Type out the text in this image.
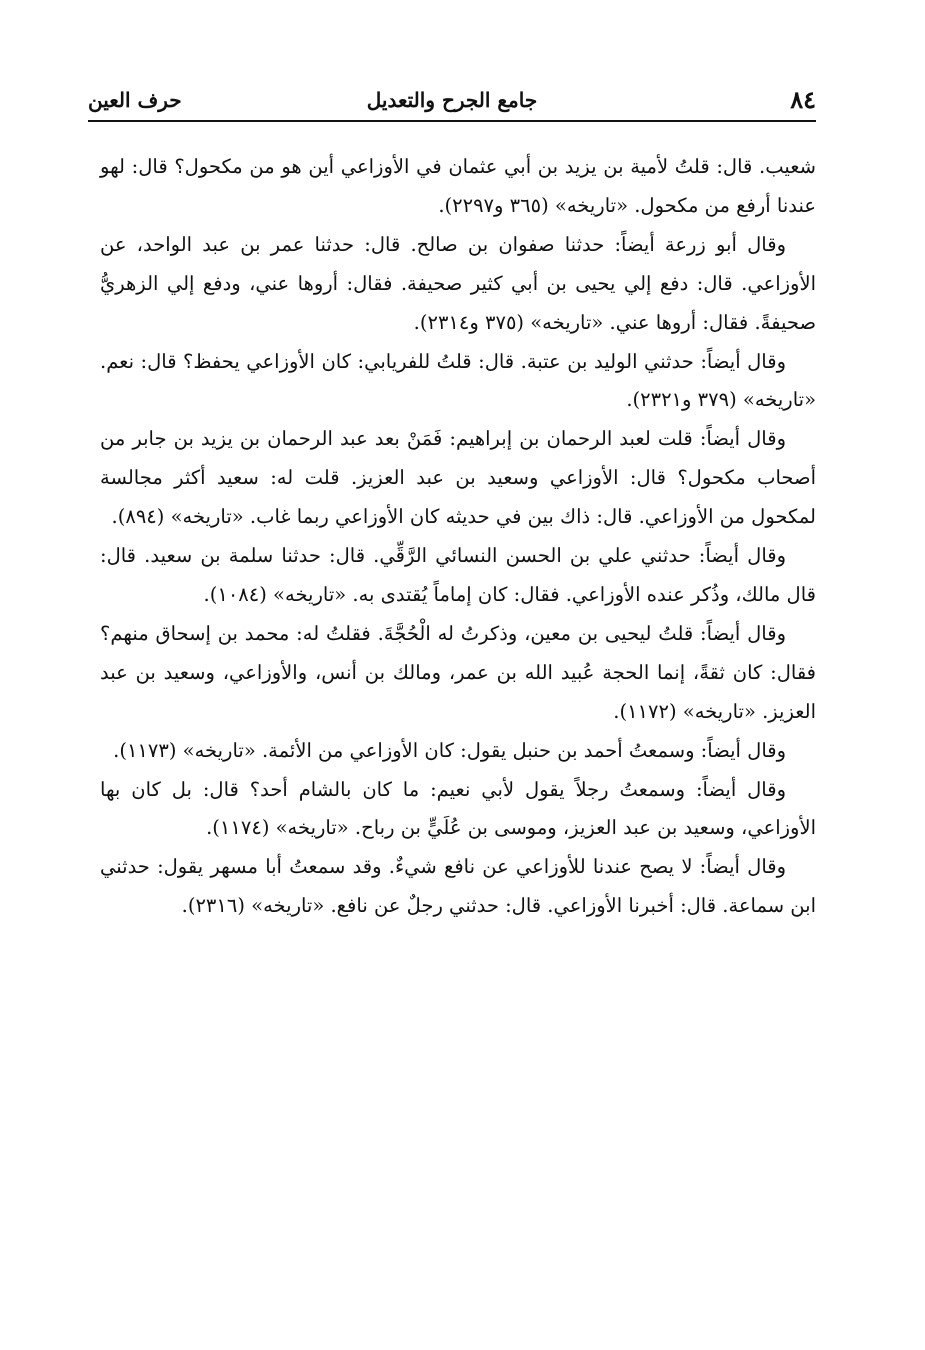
٨٤
جامع الجرح والتعديل
حرف العين

شعيب. قال: قلتُ لأمية بن يزيد بن أبي عثمان في الأوزاعي أين هو من مكحول؟ قال: لهو عندنا أرفع من مكحول. «تاريخه» (٣٦٥ و٢٢٩٧).

وقال أبو زرعة أيضاً: حدثنا صفوان بن صالح. قال: حدثنا عمر بن عبد الواحد، عن الأوزاعي. قال: دفع إلي يحيى بن أبي كثير صحيفة. فقال: أروها عني، ودفع إلي الزهريُّ صحيفةً. فقال: أروها عني. «تاريخه» (٣٧٥ و٢٣١٤).

وقال أيضاً: حدثني الوليد بن عتبة. قال: قلتُ للفريابي: كان الأوزاعي يحفظ؟ قال: نعم. «تاريخه» (٣٧٩ و٢٣٢١).

وقال أيضاً: قلت لعبد الرحمان بن إبراهيم: فَمَنْ بعد عبد الرحمان بن يزيد بن جابر من أصحاب مكحول؟ قال: الأوزاعي وسعيد بن عبد العزيز. قلت له: سعيد أكثر مجالسة لمكحول من الأوزاعي. قال: ذاك بين في حديثه كان الأوزاعي ربما غاب. «تاريخه» (٨٩٤).

وقال أيضاً: حدثني علي بن الحسن النسائي الرَّقِّي. قال: حدثنا سلمة بن سعيد. قال: قال مالك، وذُكر عنده الأوزاعي. فقال: كان إماماً يُقتدى به. «تاريخه» (١٠٨٤).

وقال أيضاً: قلتُ ليحيى بن معين، وذكرتُ له الْحُجَّةَ. فقلتُ له: محمد بن إسحاق منهم؟ فقال: كان ثقةً، إنما الحجة عُبيد الله بن عمر، ومالك بن أنس، والأوزاعي، وسعيد بن عبد العزيز. «تاريخه» (١١٧٢).

وقال أيضاً: وسمعتُ أحمد بن حنبل يقول: كان الأوزاعي من الأئمة. «تاريخه» (١١٧٣).

وقال أيضاً: وسمعتُ رجلاً يقول لأبي نعيم: ما كان بالشام أحد؟ قال: بل كان بها الأوزاعي، وسعيد بن عبد العزيز، وموسى بن عُلَيٍّ بن رباح. «تاريخه» (١١٧٤).

وقال أيضاً: لا يصح عندنا للأوزاعي عن نافع شيءٌ. وقد سمعتُ أبا مسهر يقول: حدثني ابن سماعة. قال: أخبرنا الأوزاعي. قال: حدثني رجلٌ عن نافع. «تاريخه» (٢٣١٦).
